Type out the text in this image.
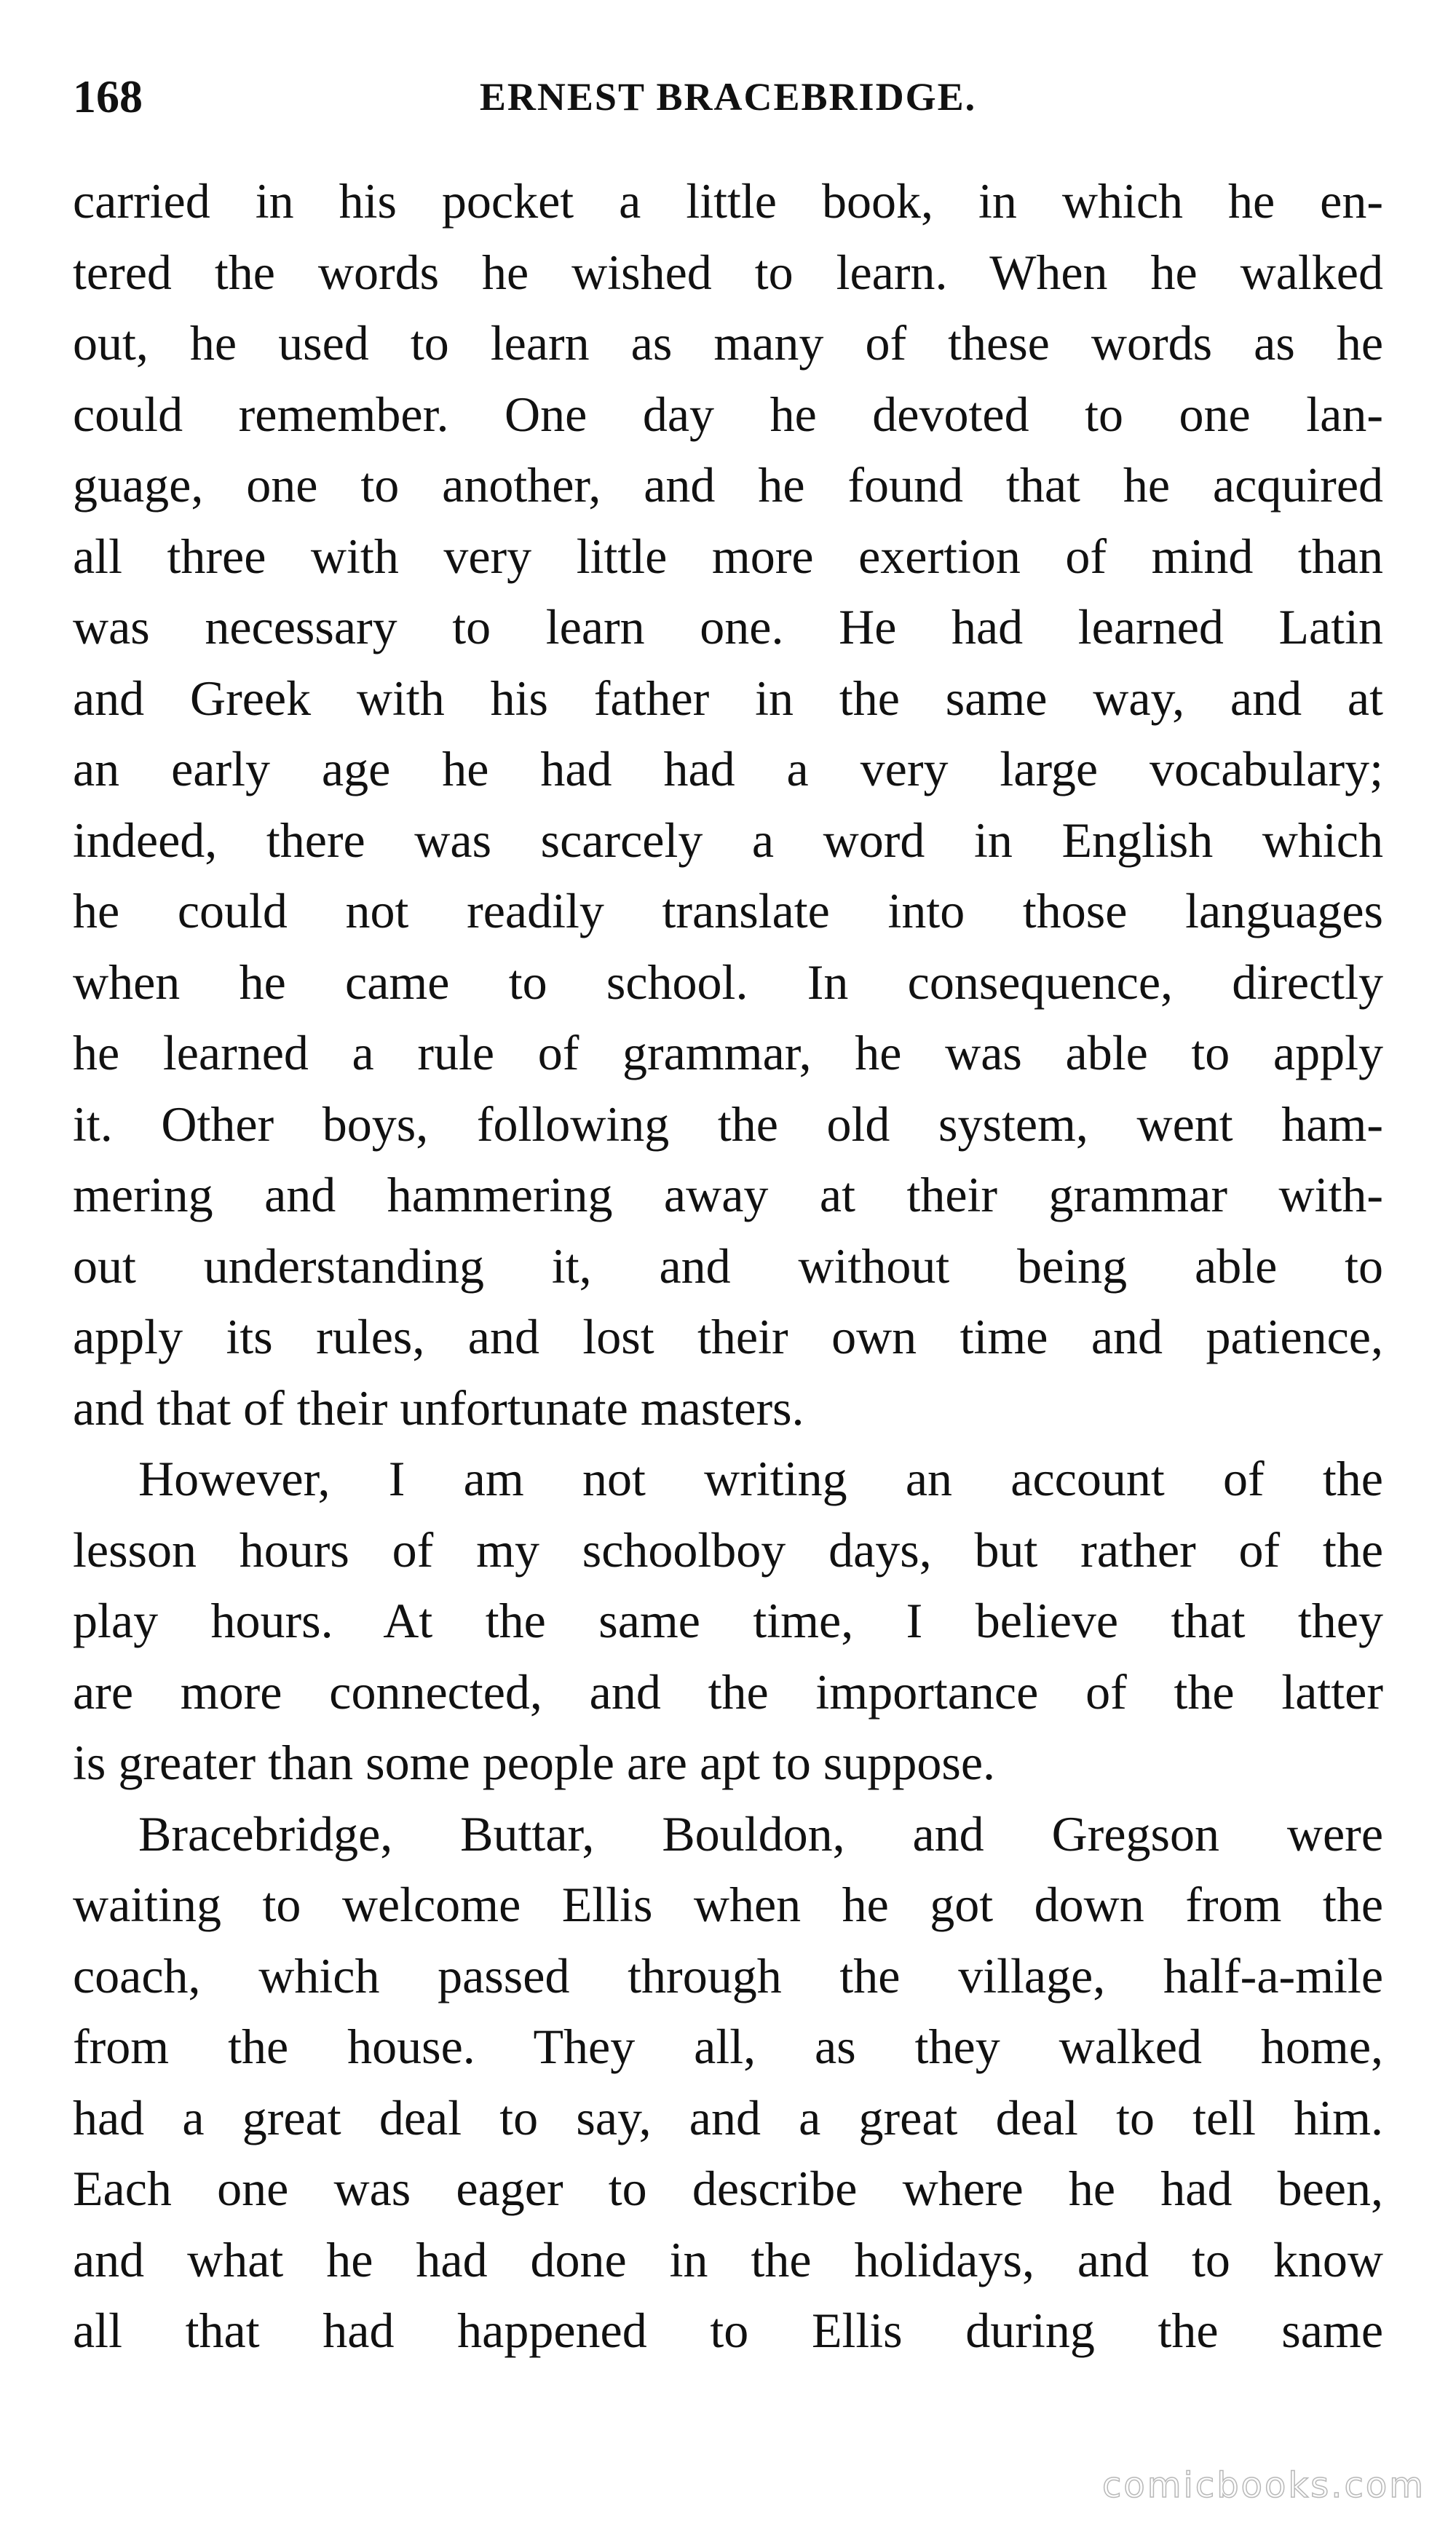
168	ERNEST BRACEBRIDGE.
carried in his pocket a little book, in which he en-
tered the words he wished to learn. When he walked
out, he used to learn as many of these words as he
could remember. One day he devoted to one lan-
guage, one to another, and he found that he acquired
all three with very little more exertion of mind than
was necessary to learn one. He had learned Latin
and Greek with his father in the same way, and at
an early age he had had a very large vocabulary;
indeed, there was scarcely a word in English which
he could not readily translate into those languages
when he came to school. In consequence, directly
he learned a rule of grammar, he was able to apply
it. Other boys, following the old system, went ham-
mering and hammering away at their grammar with-
out understanding it, and without being able to
apply its rules, and lost their own time and patience,
and that of their unfortunate masters.
However, I am not writing an account of the
lesson hours of my schoolboy days, but rather of the
play hours. At the same time, I believe that they
are more connected, and the importance of the latter
is greater than some people are apt to suppose.
Bracebridge, Buttar, Bouldon, and Gregson were
waiting to welcome Ellis when he got down from the
coach, which passed through the village, half-a-mile
from the house. They all, as they walked home,
had a great deal to say, and a great deal to tell him.
Each one was eager to describe where he had been,
and what he had done in the holidays, and to know
all that had happened to Ellis during the same
comicbooks.com
